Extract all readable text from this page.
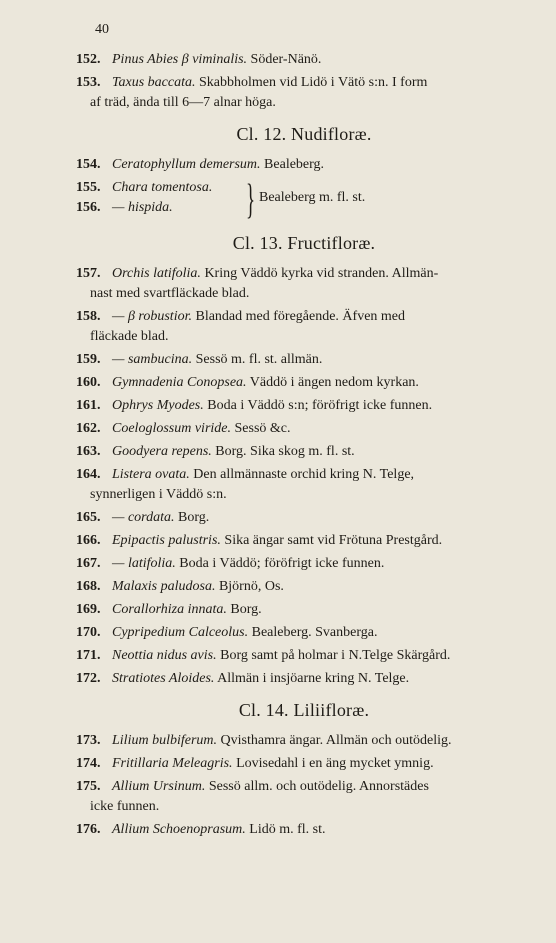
40
152. Pinus Abies β viminalis. Söder-Nänö.
153. Taxus baccata. Skabbholmen vid Lidö i Vätö s:n. I form
af träd, ända till 6—7 alnar höga.
Cl. 12. Nudifloræ.
154. Ceratophyllum demersum. Bealeberg.
155. Chara tomentosa.
156. — hispida.	} Bealeberg m. fl. st.
Cl. 13. Fructifloræ.
157. Orchis latifolia. Kring Väddö kyrka vid stranden. Allmän-
nast med svartfläckade blad.
158. — β robustior. Blandad med föregående. Äfven med
fläckade blad.
159. — sambucina. Sessö m. fl. st. allmän.
160. Gymnadenia Conopsea. Väddö i ängen nedom kyrkan.
161. Ophrys Myodes. Boda i Väddö s:n; föröfrigt icke funnen.
162. Coeloglossum viride. Sessö &c.
163. Goodyera repens. Borg. Sika skog m. fl. st.
164. Listera ovata. Den allmännaste orchid kring N. Telge,
synnerligen i Väddö s:n.
165. — cordata. Borg.
166. Epipactis palustris. Sika ängar samt vid Frötuna Prestgård.
167. — latifolia. Boda i Väddö; föröfrigt icke funnen.
168. Malaxis paludosa. Björnö, Os.
169. Corallorhiza innata. Borg.
170. Cypripedium Calceolus. Bealeberg. Svanberga.
171. Neottia nidus avis. Borg samt på holmar i N.Telge Skärgård.
172. Stratiotes Aloides. Allmän i insjöarne kring N. Telge.
Cl. 14. Liliifloræ.
173. Lilium bulbiferum. Qvisthamra ängar. Allmän och outödelig.
174. Fritillaria Meleagris. Lovisedahl i en äng mycket ymnig.
175. Allium Ursinum. Sessö allm. och outödelig. Annorstädes
icke funnen.
176. Allium Schoenoprasum. Lidö m. fl. st.
